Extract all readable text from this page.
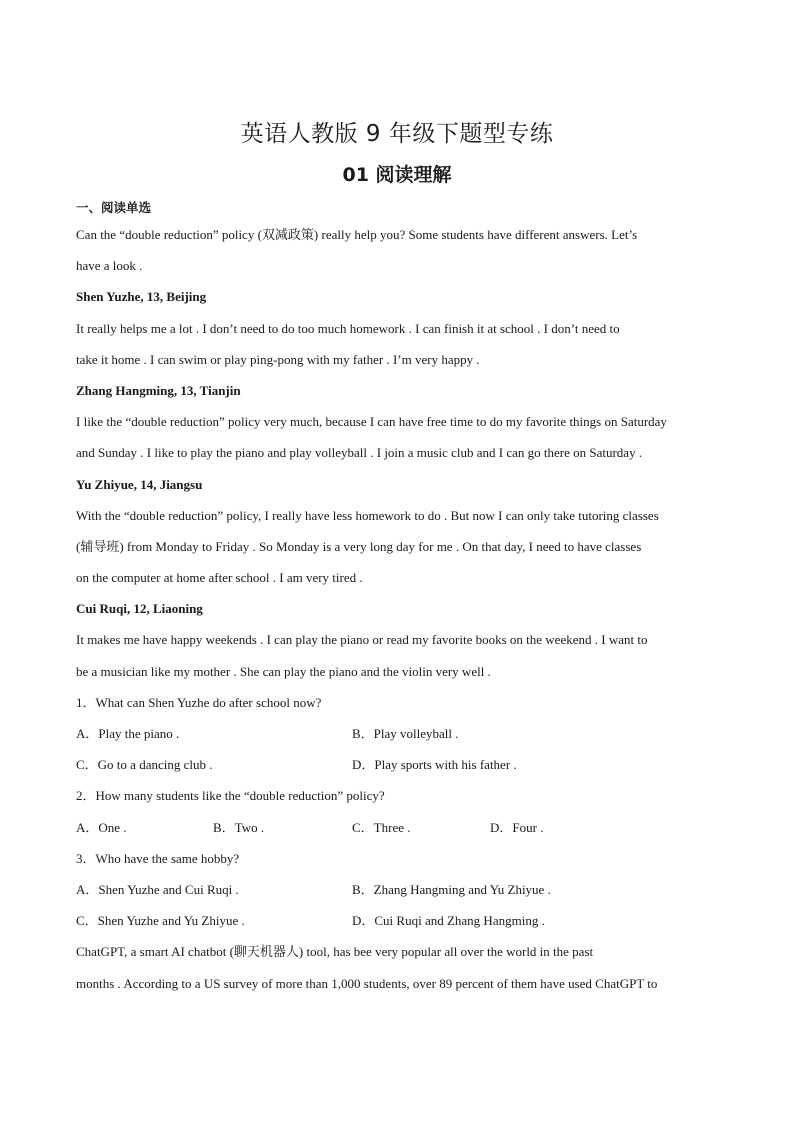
英语人教版 9 年级下题型专练
01 阅读理解
一、阅读单选
Can the “double reduction” policy (双减政策) really help you? Some students have different answers. Let’s
have a look .
Shen Yuzhe, 13, Beijing
It really helps me a lot . I don’t need to do too much homework . I can finish it at school . I don’t need to
take it home . I can swim or play ping-pong with my father . I’m very happy .
Zhang Hangming, 13, Tianjin
I like the “double reduction” policy very much, because I can have free time to do my favorite things on Saturday
and Sunday . I like to play the piano and play volleyball . I join a music club and I can go there on Saturday .
Yu Zhiyue, 14, Jiangsu
With the “double reduction” policy, I really have less homework to do . But now I can only take tutoring classes
(辅导班) from Monday to Friday . So Monday is a very long day for me . On that day, I need to have classes
on the computer at home after school . I am very tired .
Cui Ruqi, 12, Liaoning
It makes me have happy weekends . I can play the piano or read my favorite books on the weekend . I want to
be a musician like my mother . She can play the piano and the violin very well .
1．What can Shen Yuzhe do after school now?
A．Play the piano .	B．Play volleyball .
C．Go to a dancing club .	D．Play sports with his father .
2．How many students like the “double reduction” policy?
A．One .	B．Two .	C．Three .	D．Four .
3．Who have the same hobby?
A．Shen Yuzhe and Cui Ruqi .	B．Zhang Hangming and Yu Zhiyue .
C．Shen Yuzhe and Yu Zhiyue .	D．Cui Ruqi and Zhang Hangming .
ChatGPT, a smart AI chatbot (聊天机器人) tool, has bee very popular all over the world in the past
months . According to a US survey of more than 1,000 students, over 89 percent of them have used ChatGPT to
